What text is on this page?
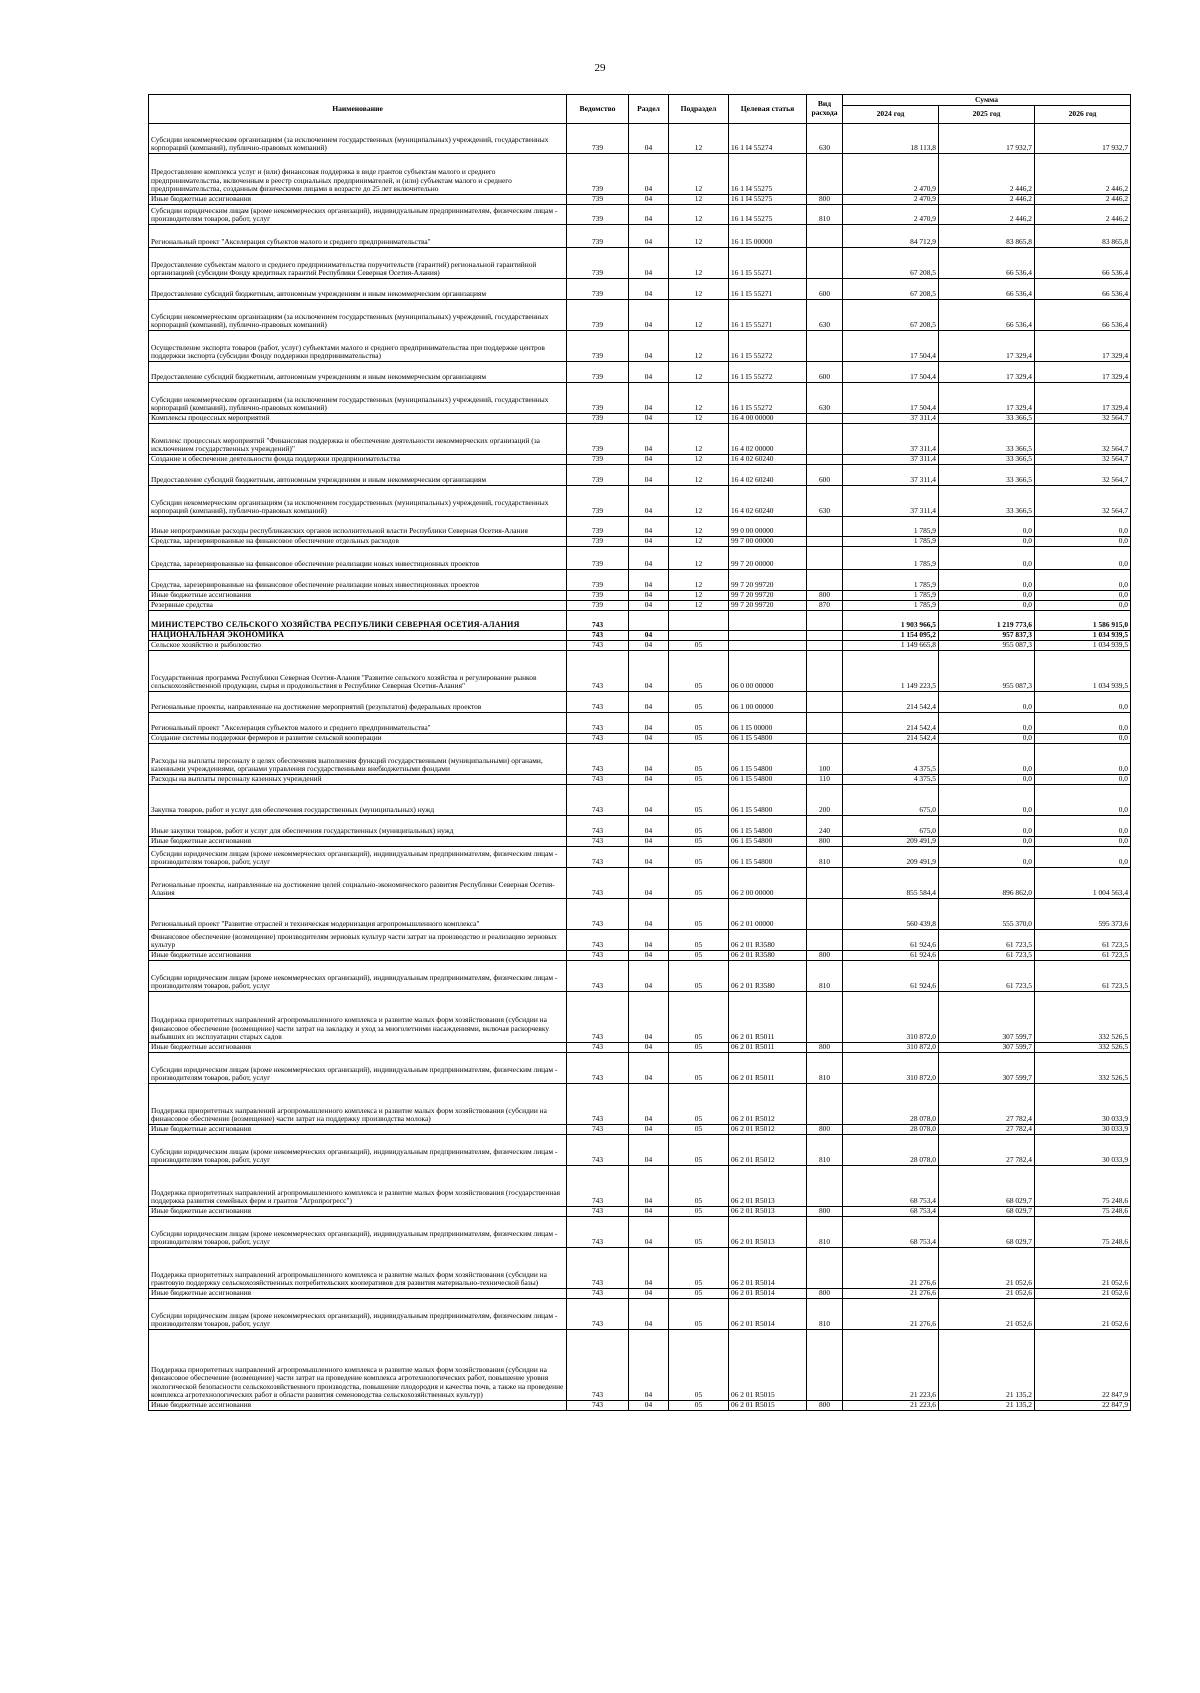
29
Наименование	Ведомство	Раздел	Подраздел	Целевая статья	Вид расхода	Сумма		
						2024 год	2025 год	2026 год
Субсидии некоммерческим организациям (за исключением государственных (муниципальных) учреждений, государственных корпораций (компаний), публично-правовых компаний)	739	04	12	16 1 I4 55274	630	18 113,8	17 932,7	17 932,7
Предоставление комплекса услуг и (или) финансовая поддержка в виде грантов субъектам малого и среднего предпринимательства, включенным в реестр социальных предпринимателей, и (или) субъектам малого и среднего предпринимательства, созданным физическими лицами в возрасте до 25 лет включительно	739	04	12	16 1 I4 55275		2 470,9	2 446,2	2 446,2
Иные бюджетные ассигнования	739	04	12	16 1 I4 55275	800	2 470,9	2 446,2	2 446,2
Субсидии юридическим лицам (кроме некоммерческих организаций), индивидуальным предпринимателям, физическим лицам - производителям товаров, работ, услуг	739	04	12	16 1 I4 55275	810	2 470,9	2 446,2	2 446,2
Региональный проект "Акселерация субъектов малого и среднего предпринимательства"	739	04	12	16 1 I5 00000		84 712,9	83 865,8	83 865,8
Предоставление субъектам малого и среднего предпринимательства поручительств (гарантий) региональной гарантийной организацией (субсидии Фонду кредитных гарантий Республики Северная Осетия-Алания)	739	04	12	16 1 I5 55271		67 208,5	66 536,4	66 536,4
Предоставление субсидий бюджетным, автономным учреждениям и иным некоммерческим организациям	739	04	12	16 1 I5 55271	600	67 208,5	66 536,4	66 536,4
Субсидии некоммерческим организациям (за исключением государственных (муниципальных) учреждений, государственных корпораций (компаний), публично-правовых компаний)	739	04	12	16 1 I5 55271	630	67 208,5	66 536,4	66 536,4
Осуществление экспорта товаров (работ, услуг) субъектами малого и среднего предпринимательства при поддержке центров поддержки экспорта (субсидии Фонду поддержки предпринимательства)	739	04	12	16 1 I5 55272		17 504,4	17 329,4	17 329,4
Предоставление субсидий бюджетным, автономным учреждениям и иным некоммерческим организациям	739	04	12	16 1 I5 55272	600	17 504,4	17 329,4	17 329,4
Субсидии некоммерческим организациям (за исключением государственных (муниципальных) учреждений, государственных корпораций (компаний), публично-правовых компаний)	739	04	12	16 1 I5 55272	630	17 504,4	17 329,4	17 329,4
Комплексы процессных мероприятий	739	04	12	16 4 00 00000		37 311,4	33 366,5	32 564,7
Комплекс процессных мероприятий "Финансовая поддержка и обеспечение деятельности некоммерческих организаций (за исключением государственных учреждений)"	739	04	12	16 4 02 00000		37 311,4	33 366,5	32 564,7
Создание и обеспечение деятельности фонда поддержки предпринимательства	739	04	12	16 4 02 60240		37 311,4	33 366,5	32 564,7
Предоставление субсидий бюджетным, автономным учреждениям и иным некоммерческим организациям	739	04	12	16 4 02 60240	600	37 311,4	33 366,5	32 564,7
Субсидии некоммерческим организациям (за исключением государственных (муниципальных) учреждений, государственных корпораций (компаний), публично-правовых компаний)	739	04	12	16 4 02 60240	630	37 311,4	33 366,5	32 564,7
Иные непрограммные расходы республиканских органов исполнительной власти Республики Северная Осетия-Алания	739	04	12	99 0 00 00000		1 785,9	0,0	0,0
Средства, зарезервированные на финансовое обеспечение отдельных расходов	739	04	12	99 7 00 00000		1 785,9	0,0	0,0
Средства, зарезервированные на финансовое обеспечение реализации новых инвестиционных проектов	739	04	12	99 7 20 00000		1 785,9	0,0	0,0
Средства, зарезервированные на финансовое обеспечение реализации новых инвестиционных проектов	739	04	12	99 7 20 99720		1 785,9	0,0	0,0
Иные бюджетные ассигнования	739	04	12	99 7 20 99720	800	1 785,9	0,0	0,0
Резервные средства	739	04	12	99 7 20 99720	870	1 785,9	0,0	0,0
МИНИСТЕРСТВО СЕЛЬСКОГО ХОЗЯЙСТВА РЕСПУБЛИКИ СЕВЕРНАЯ ОСЕТИЯ-АЛАНИЯ	743					1 903 966,5	1 219 773,6	1 586 915,0
НАЦИОНАЛЬНАЯ ЭКОНОМИКА	743	04				1 154 095,2	957 837,3	1 034 939,5
Сельское хозяйство и рыболовство	743	04	05			1 149 665,8	955 087,3	1 034 939,5
Государственная программа Республики Северная Осетия-Алания "Развитие сельского хозяйства и регулирование рынков сельскохозяйственной продукции, сырья и продовольствия в Республике Северная Осетия-Алания"	743	04	05	06 0 00 00000		1 149 223,5	955 087,3	1 034 939,5
Региональные проекты, направленные на достижение мероприятий (результатов) федеральных проектов	743	04	05	06 1 00 00000		214 542,4	0,0	0,0
Региональный проект "Акселерация субъектов малого и среднего предпринимательства"	743	04	05	06 1 I5 00000		214 542,4	0,0	0,0
Создание системы поддержки фермеров и развитие сельской кооперации	743	04	05	06 1 I5 54800		214 542,4	0,0	0,0
Расходы на выплаты персоналу в целях обеспечения выполнения функций государственными (муниципальными) органами, казенными учреждениями, органами управления государственными внебюджетными фондами	743	04	05	06 1 I5 54800	100	4 375,5	0,0	0,0
Расходы на выплаты персоналу казенных учреждений	743	04	05	06 1 I5 54800	110	4 375,5	0,0	0,0
Закупка товаров, работ и услуг для обеспечения государственных (муниципальных) нужд	743	04	05	06 1 I5 54800	200	675,0	0,0	0,0
Иные закупки товаров, работ и услуг для обеспечения государственных (муниципальных) нужд	743	04	05	06 1 I5 54800	240	675,0	0,0	0,0
Иные бюджетные ассигнования	743	04	05	06 1 I5 54800	800	209 491,9	0,0	0,0
Субсидии юридическим лицам (кроме некоммерческих организаций), индивидуальным предпринимателям, физическим лицам - производителям товаров, работ, услуг	743	04	05	06 1 I5 54800	810	209 491,9	0,0	0,0
Региональные проекты, направленные на достижение целей социально-экономического развития Республики Северная Осетия-Алания	743	04	05	06 2 00 00000		855 584,4	896 862,0	1 004 563,4
Региональный проект "Развитие отраслей и техническая модернизация агропромышленного комплекса"	743	04	05	06 2 01 00000		560 439,8	555 370,0	595 373,6
Финансовое обеспечение (возмещение) производителям зерновых культур части затрат на производство и реализацию зерновых культур	743	04	05	06 2 01 R3580		61 924,6	61 723,5	61 723,5
Иные бюджетные ассигнования	743	04	05	06 2 01 R3580	800	61 924,6	61 723,5	61 723,5
Субсидии юридическим лицам (кроме некоммерческих организаций), индивидуальным предпринимателям, физическим лицам - производителям товаров, работ, услуг	743	04	05	06 2 01 R3580	810	61 924,6	61 723,5	61 723,5
Поддержка приоритетных направлений агропромышленного комплекса и развитие малых форм хозяйствования (субсидии на финансовое обеспечение (возмещение) части затрат на закладку и уход за многолетними насаждениями, включая раскорчевку выбывших из эксплуатации старых садов	743	04	05	06 2 01 R5011		310 872,0	307 599,7	332 526,5
Иные бюджетные ассигнования	743	04	05	06 2 01 R5011	800	310 872,0	307 599,7	332 526,5
Субсидии юридическим лицам (кроме некоммерческих организаций), индивидуальным предпринимателям, физическим лицам - производителям товаров, работ, услуг	743	04	05	06 2 01 R5011	810	310 872,0	307 599,7	332 526,5
Поддержка приоритетных направлений агропромышленного комплекса и развитие малых форм хозяйствования (субсидии на финансовое обеспечение (возмещение) части затрат на поддержку производства молока)	743	04	05	06 2 01 R5012		28 078,0	27 782,4	30 033,9
Иные бюджетные ассигнования	743	04	05	06 2 01 R5012	800	28 078,0	27 782,4	30 033,9
Субсидии юридическим лицам (кроме некоммерческих организаций), индивидуальным предпринимателям, физическим лицам - производителям товаров, работ, услуг	743	04	05	06 2 01 R5012	810	28 078,0	27 782,4	30 033,9
Поддержка приоритетных направлений агропромышленного комплекса и развитие малых форм хозяйствования (государственная поддержка развития семейных ферм и грантов "Агропрогресс")	743	04	05	06 2 01 R5013		68 753,4	68 029,7	75 248,6
Иные бюджетные ассигнования	743	04	05	06 2 01 R5013	800	68 753,4	68 029,7	75 248,6
Субсидии юридическим лицам (кроме некоммерческих организаций), индивидуальным предпринимателям, физическим лицам - производителям товаров, работ, услуг	743	04	05	06 2 01 R5013	810	68 753,4	68 029,7	75 248,6
Поддержка приоритетных направлений агропромышленного комплекса и развитие малых форм хозяйствования (субсидии на грантовую поддержку сельскохозяйственных потребительских кооперативов для развития материально-технической базы)	743	04	05	06 2 01 R5014		21 276,6	21 052,6	21 052,6
Иные бюджетные ассигнования	743	04	05	06 2 01 R5014	800	21 276,6	21 052,6	21 052,6
Субсидии юридическим лицам (кроме некоммерческих организаций), индивидуальным предпринимателям, физическим лицам - производителям товаров, работ, услуг	743	04	05	06 2 01 R5014	810	21 276,6	21 052,6	21 052,6
Поддержка приоритетных направлений агропромышленного комплекса и развитие малых форм хозяйствования (субсидии на финансовое обеспечение (возмещение) части затрат на проведение комплекса агротехнологических работ, повышение уровня экологической безопасности сельскохозяйственного производства, повышение плодородия и качества почв, а также на проведение комплекса агротехнологических работ в области развития семеноводства сельскохозяйственных культур)	743	04	05	06 2 01 R5015		21 223,6	21 135,2	22 847,9
Иные бюджетные ассигнования	743	04	05	06 2 01 R5015	800	21 223,6	21 135,2	22 847,9
